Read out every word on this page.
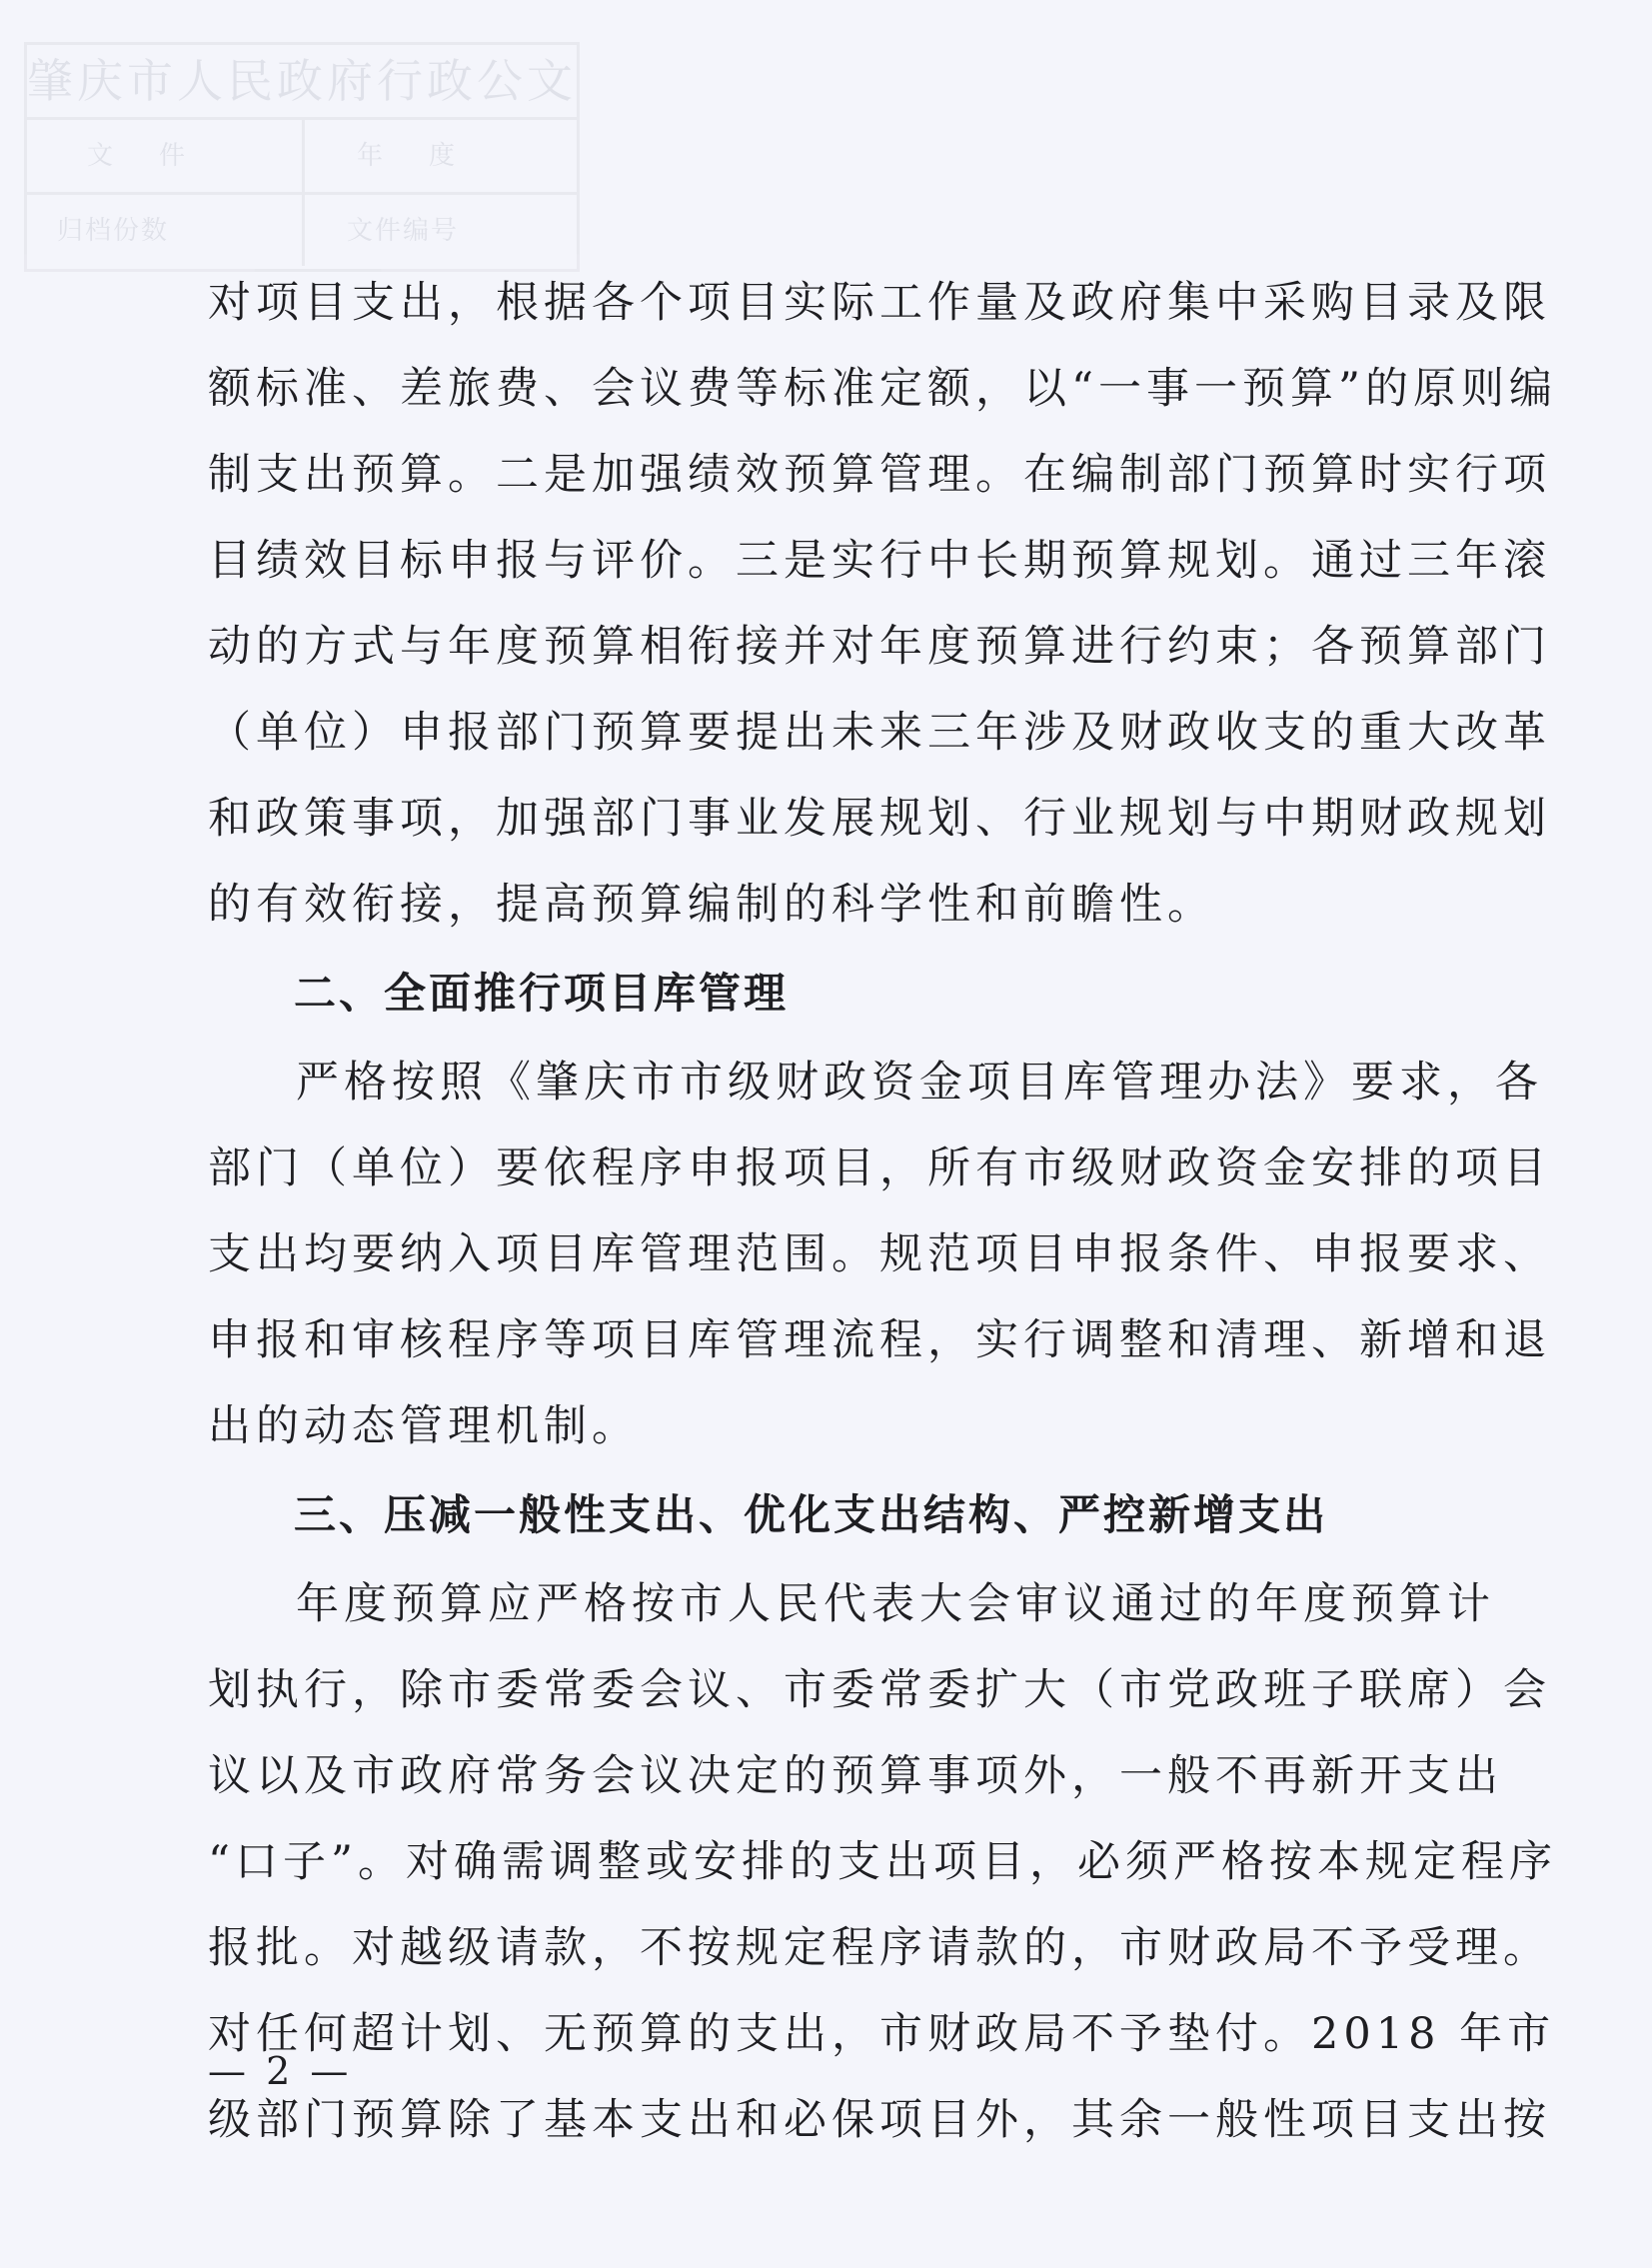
肇庆市人民政府行政公文
文　件	年　度
归档份数	文件编号

对项目支出，根据各个项目实际工作量及政府集中采购目录及限
额标准、差旅费、会议费等标准定额，以“一事一预算”的原则编
制支出预算。二是加强绩效预算管理。在编制部门预算时实行项
目绩效目标申报与评价。三是实行中长期预算规划。通过三年滚
动的方式与年度预算相衔接并对年度预算进行约束；各预算部门
（单位）申报部门预算要提出未来三年涉及财政收支的重大改革
和政策事项，加强部门事业发展规划、行业规划与中期财政规划
的有效衔接，提高预算编制的科学性和前瞻性。

二、全面推行项目库管理

严格按照《肇庆市市级财政资金项目库管理办法》要求，各
部门（单位）要依程序申报项目，所有市级财政资金安排的项目
支出均要纳入项目库管理范围。规范项目申报条件、申报要求、
申报和审核程序等项目库管理流程，实行调整和清理、新增和退
出的动态管理机制。

三、压减一般性支出、优化支出结构、严控新增支出

年度预算应严格按市人民代表大会审议通过的年度预算计
划执行，除市委常委会议、市委常委扩大（市党政班子联席）会
议以及市政府常务会议决定的预算事项外，一般不再新开支出
“口子”。对确需调整或安排的支出项目，必须严格按本规定程序
报批。对越级请款，不按规定程序请款的，市财政局不予受理。
对任何超计划、无预算的支出，市财政局不予垫付。2018 年市
级部门预算除了基本支出和必保项目外，其余一般性项目支出按

— 2 —
